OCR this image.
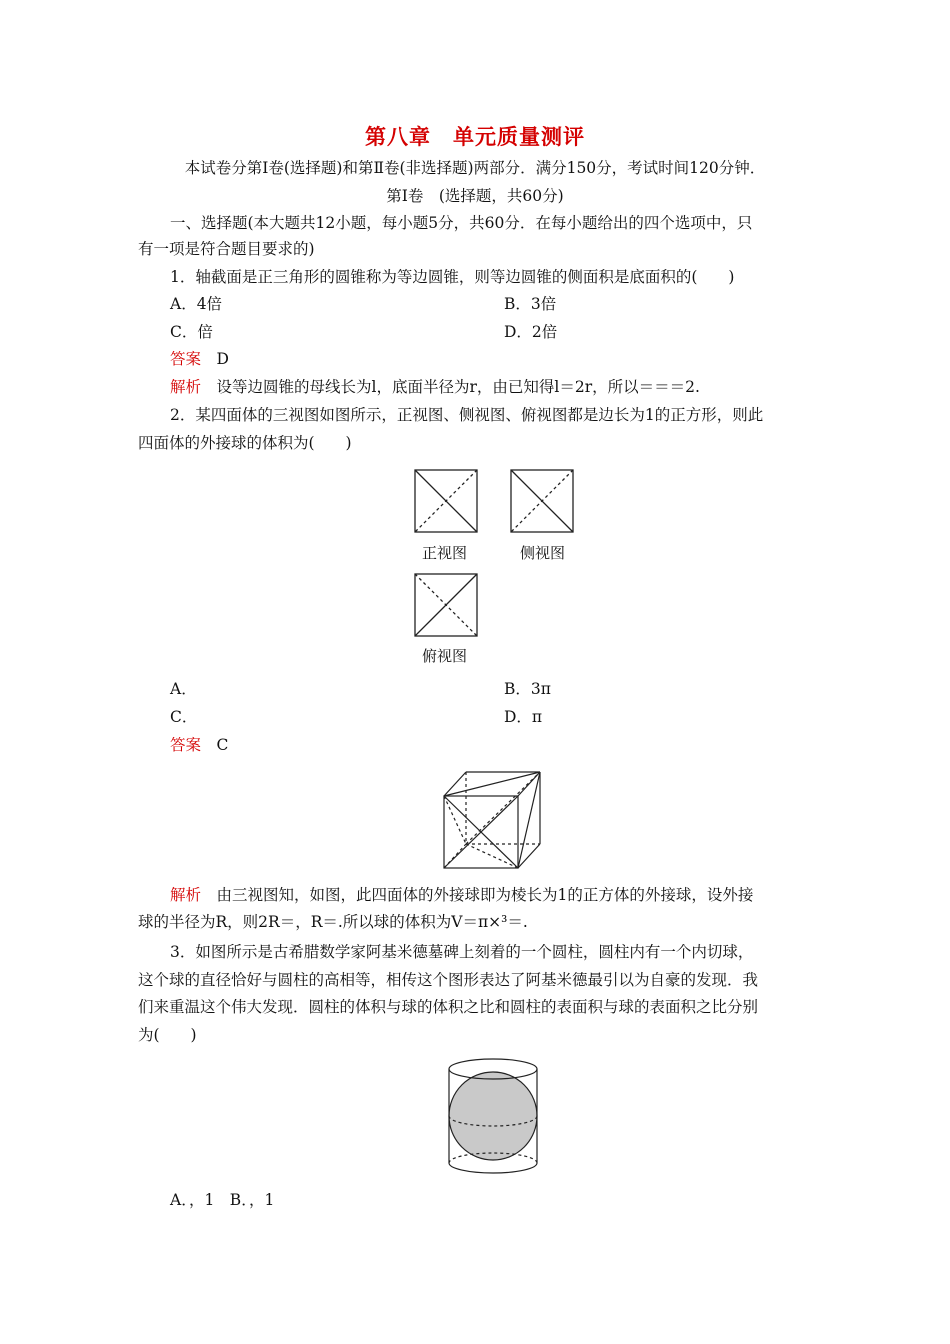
第八章　单元质量测评
本试卷分第Ⅰ卷(选择题)和第Ⅱ卷(非选择题)两部分．满分150分，考试时间120分钟．
第Ⅰ卷　(选择题，共60分)
一、选择题(本大题共12小题，每小题5分，共60分．在每小题给出的四个选项中，只
有一项是符合题目要求的)
1．轴截面是正三角形的圆锥称为等边圆锥，则等边圆锥的侧面积是底面积的(　　)
A．4倍	B．3倍
C．倍	D．2倍
答案　 D
解析　 设等边圆锥的母线长为l，底面半径为r，由已知得l＝2r，所以＝＝＝2.
2．某四面体的三视图如图所示，正视图、侧视图、俯视图都是边长为1的正方形，则此
四面体的外接球的体积为(　　)
正视图	侧视图
俯视图
A．	B．3π
C．	D．π
答案　 C
解析　 由三视图知，如图，此四面体的外接球即为棱长为1的正方体的外接球，设外接
球的半径为R，则2R＝，R＝.所以球的体积为V＝π×³＝.
3．如图所示是古希腊数学家阿基米德墓碑上刻着的一个圆柱，圆柱内有一个内切球，
这个球的直径恰好与圆柱的高相等，相传这个图形表达了阿基米德最引以为自豪的发现．我
们来重温这个伟大发现．圆柱的体积与球的体积之比和圆柱的表面积与球的表面积之比分别
为(　　)
A．，1　B．，1
